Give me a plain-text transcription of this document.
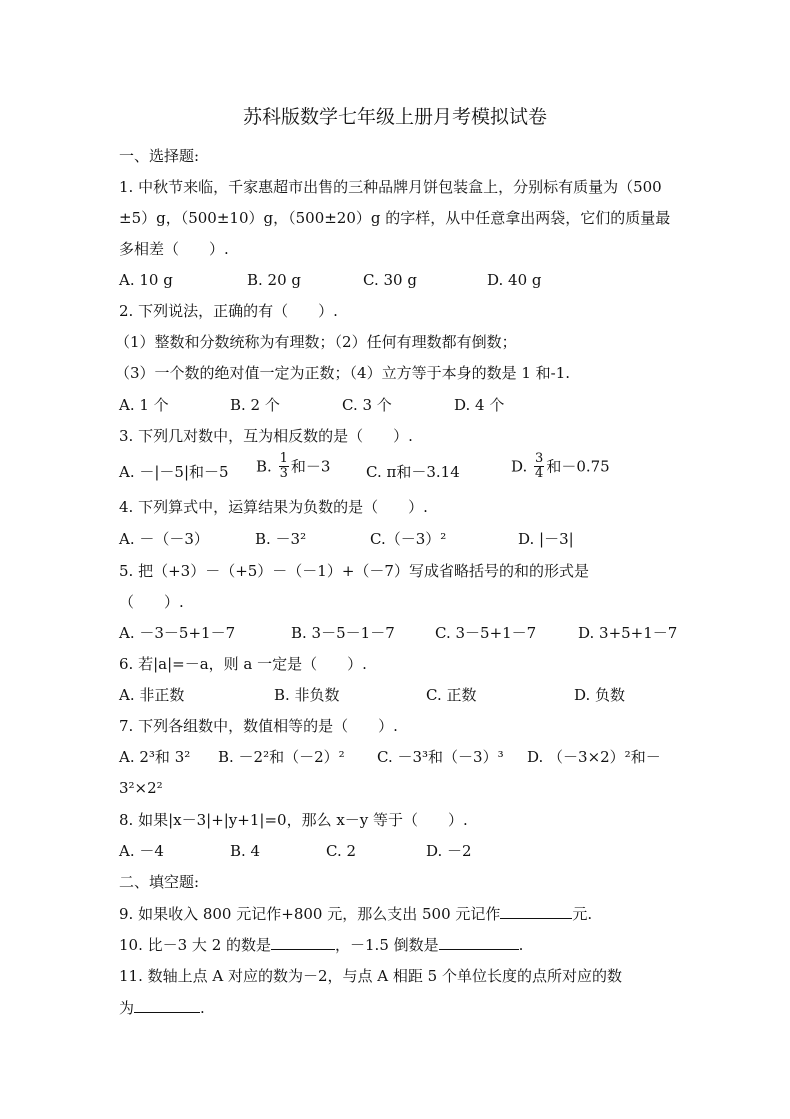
苏科版数学七年级上册月考模拟试卷
一、选择题:
1. 中秋节来临，千家惠超市出售的三种品牌月饼包装盒上，分别标有质量为（500
±5）g，（500±10）g，（500±20）g 的字样，从中任意拿出两袋，它们的质量最
多相差（　　）.
A. 10 g	B. 20 g	C. 30 g	D. 40 g
2. 下列说法，正确的有（　　）.
（1）整数和分数统称为有理数；（2）任何有理数都有倒数；
（3）一个数的绝对值一定为正数；（4）立方等于本身的数是 1 和-1.
A. 1 个	B. 2 个	C. 3 个	D. 4 个
3. 下列几对数中，互为相反数的是（　　）.
A. －|－5|和－5 B. $\frac{1}{3}$ 和－3 C. π和－3.14	D. $\frac{3}{4}$ 和－0.75
4. 下列算式中，运算结果为负数的是（　　）.
A. －（－3）	B. －3²	C.（－3）²	D. |－3|
5. 把（+3）－（+5）－（－1）+（－7）写成省略括号的和的形式是
（　　）.
A. －3－5+1－7	B. 3－5－1－7	C. 3－5+1－7	D. 3+5+1－7
6. 若|a|=－a，则 a 一定是（　　）.
A. 非正数	B. 非负数	C. 正数	D. 负数
7. 下列各组数中，数值相等的是（　　）.
A. 2³和 3² B. －2²和（－2）² C. －3³和（－3）³ D. （－3×2）²和－
3²×2²
8. 如果|x－3|+|y+1|=0，那么 x－y 等于（　　）.
A. －4	B. 4	C. 2	D. －2
二、填空题:
9. 如果收入 800 元记作+800 元，那么支出 500 元记作	元.
10. 比－3 大 2 的数是	，－1.5 倒数是	.
11. 数轴上点 A 对应的数为－2，与点 A 相距 5 个单位长度的点所对应的数
为	.
